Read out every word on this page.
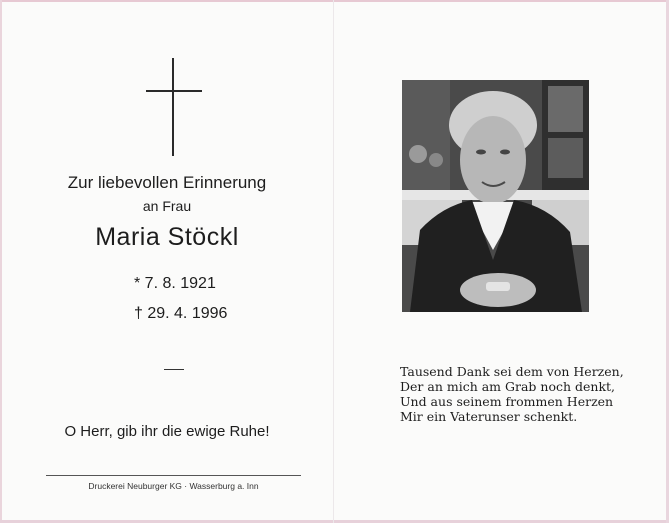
Zur liebevollen Erinnerung
an Frau
Maria Stöckl
* 7. 8. 1921
† 29. 4. 1996
O Herr, gib ihr die ewige Ruhe!
Druckerei Neuburger KG · Wasserburg a. Inn
Tausend Dank sei dem von Herzen,
Der an mich am Grab noch denkt,
Und aus seinem frommen Herzen
Mir ein Vaterunser schenkt.
